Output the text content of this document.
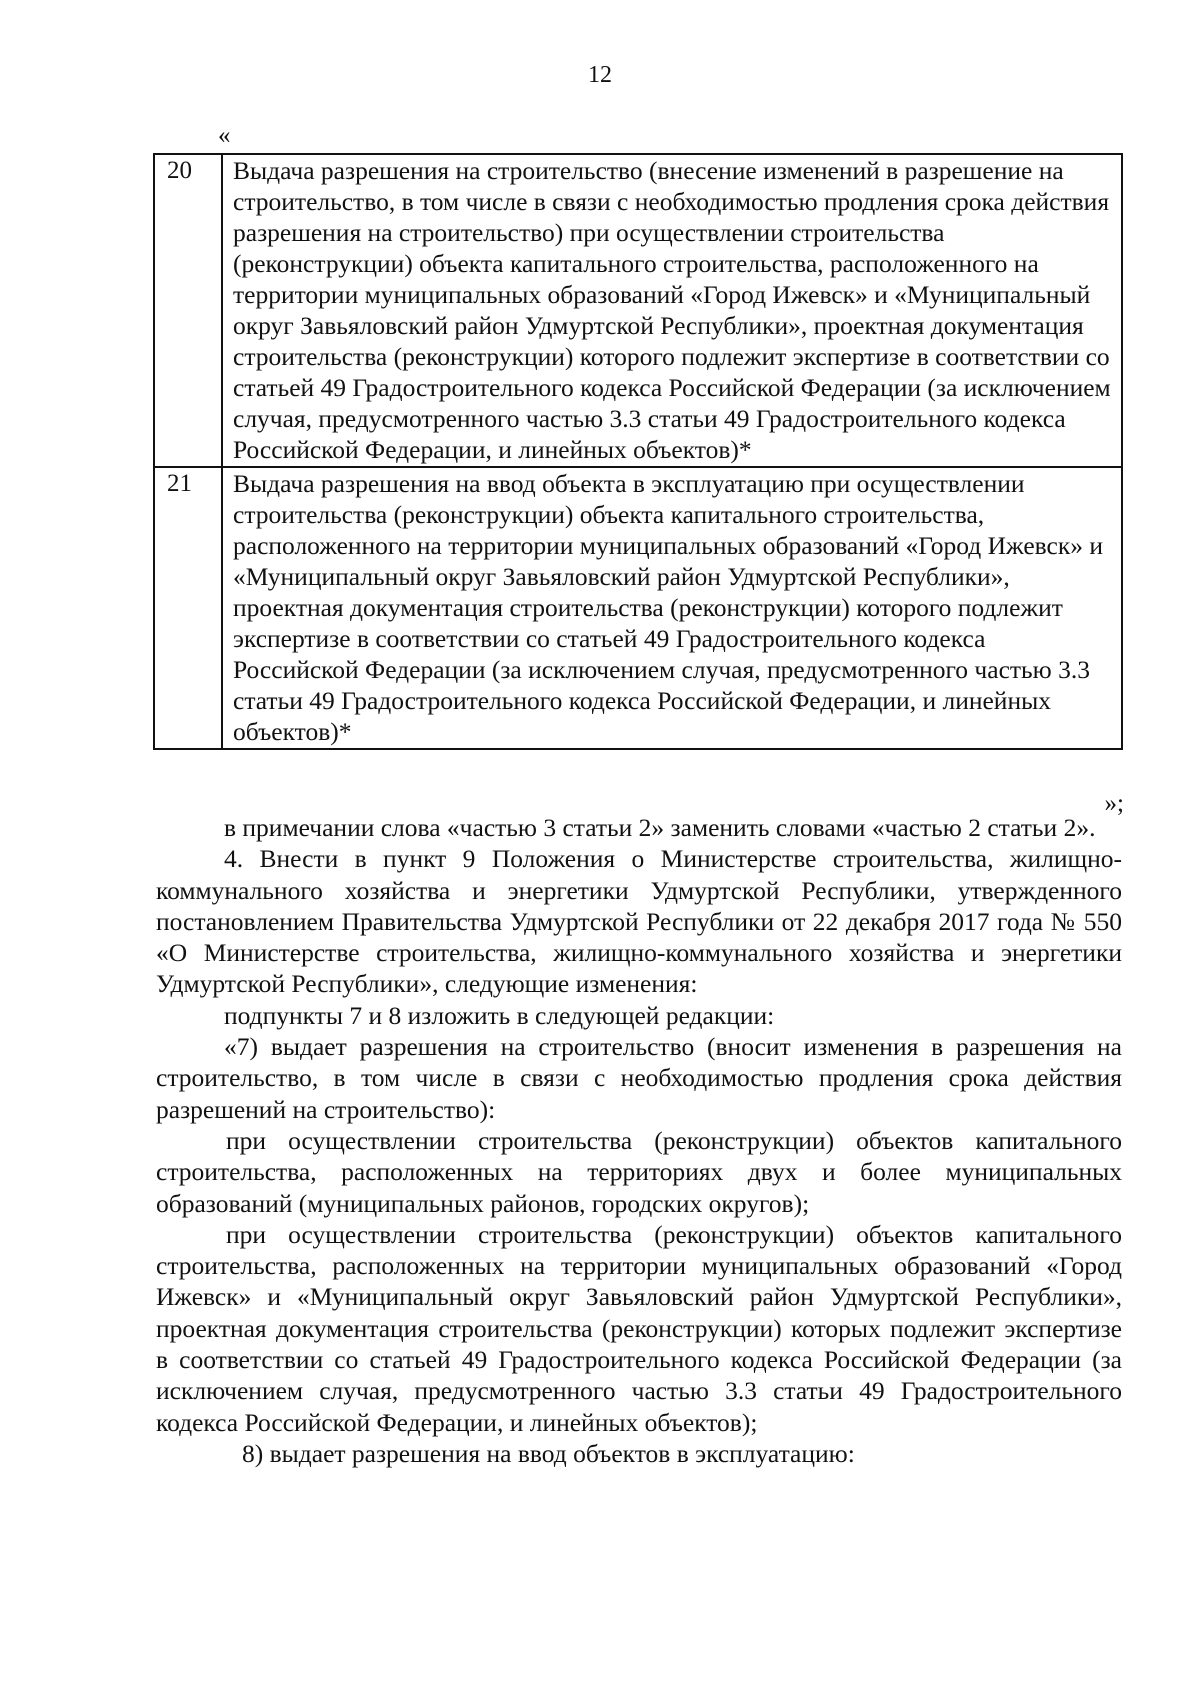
12
«
20	Выдача разрешения на строительство (внесение изменений в разрешение на строительство, в том числе в связи с необходимостью продления срока действия разрешения на строительство) при осуществлении строительства (реконструкции) объекта капитального строительства, расположенного на территории муниципальных образований «Город Ижевск» и «Муниципальный округ Завьяловский район Удмуртской Республики», проектная документация строительства (реконструкции) которого подлежит экспертизе в соответствии со статьей 49 Градостроительного кодекса Российской Федерации (за исключением случая, предусмотренного частью 3.3 статьи 49 Градостроительного кодекса Российской Федерации, и линейных объектов)*
21	Выдача разрешения на ввод объекта в эксплуатацию при осуществлении строительства (реконструкции) объекта капитального строительства, расположенного на территории муниципальных образований «Город Ижевск» и «Муниципальный округ Завьяловский район Удмуртской Республики», проектная документация строительства (реконструкции) которого подлежит экспертизе в соответствии со статьей 49 Градостроительного кодекса Российской Федерации (за исключением случая, предусмотренного частью 3.3 статьи 49 Градостроительного кодекса Российской Федерации, и линейных объектов)*
»;

в примечании слова «частью 3 статьи 2» заменить словами «частью 2 статьи 2».

4. Внести в пункт 9 Положения о Министерстве строительства, жилищно-коммунального хозяйства и энергетики Удмуртской Республики, утвержденного постановлением Правительства Удмуртской Республики от 22 декабря 2017 года № 550 «О Министерстве строительства, жилищно-коммунального хозяйства и энергетики Удмуртской Республики», следующие изменения:

подпункты 7 и 8 изложить в следующей редакции:

«7) выдает разрешения на строительство (вносит изменения в разрешения на строительство, в том числе в связи с необходимостью продления срока действия разрешений на строительство):

при осуществлении строительства (реконструкции) объектов капитального строительства, расположенных на территориях двух и более муниципальных образований (муниципальных районов, городских округов);

при осуществлении строительства (реконструкции) объектов капитального строительства, расположенных на территории муниципальных образований «Город Ижевск» и «Муниципальный округ Завьяловский район Удмуртской Республики», проектная документация строительства (реконструкции) которых подлежит экспертизе в соответствии со статьей 49 Градостроительного кодекса Российской Федерации (за исключением случая, предусмотренного частью 3.3 статьи 49 Градостроительного кодекса Российской Федерации, и линейных объектов);

8) выдает разрешения на ввод объектов в эксплуатацию:
